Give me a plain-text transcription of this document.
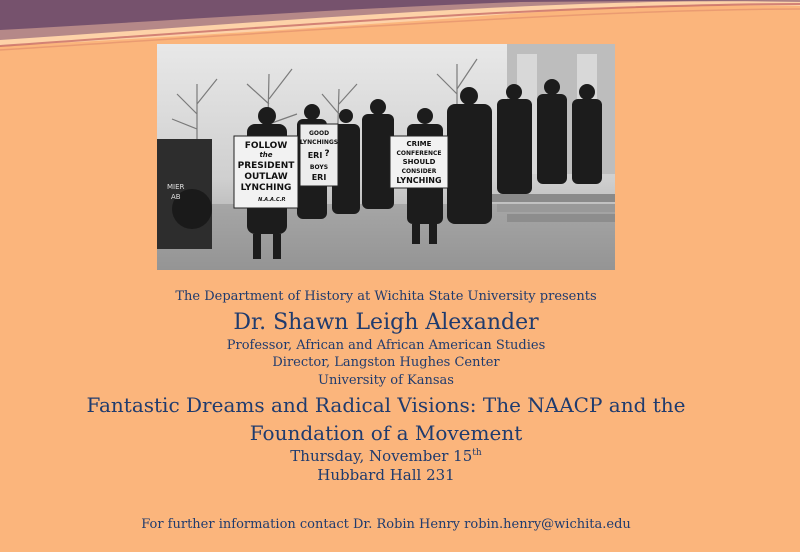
MIER
AB
FOLLOW
the
PRESIDENT
OUTLAW
LYNCHING
N.A.A.C.P.
GOOD
LYNCHINGS
?
ERI
BOYS
ERI
CRIME
CONFERENCE
SHOULD
CONSIDER
LYNCHING
The Department of History at Wichita State University presents
Dr. Shawn Leigh Alexander
Professor, African and African American Studies
Director, Langston Hughes Center
University of Kansas
Fantastic Dreams and Radical Visions: The NAACP and the
Foundation of a Movement
Thursday, November 15th
Hubbard Hall 231
For further information contact Dr. Robin Henry robin.henry@wichita.edu
